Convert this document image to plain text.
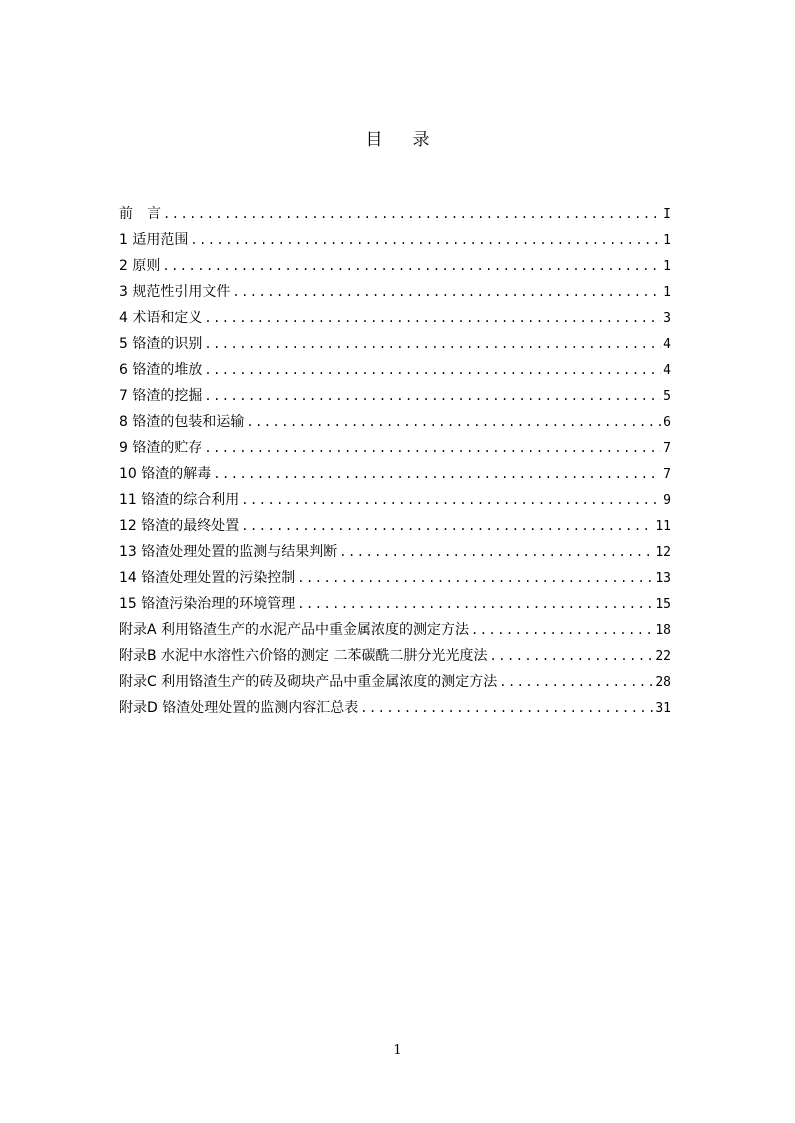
目 录
前　言 .....	I
1 适用范围 .....	1
2 原则 .....	1
3 规范性引用文件 .....	1
4 术语和定义 .....	3
5 铬渣的识别 .....	4
6 铬渣的堆放 .....	4
7 铬渣的挖掘 .....	5
8 铬渣的包装和运输 .....	6
9 铬渣的贮存 .....	7
10 铬渣的解毒 .....	7
11 铬渣的综合利用 .....	9
12 铬渣的最终处置 .....	11
13 铬渣处理处置的监测与结果判断 .....	12
14 铬渣处理处置的污染控制 .....	13
15 铬渣污染治理的环境管理 .....	15
附录A 利用铬渣生产的水泥产品中重金属浓度的测定方法 .....	18
附录B 水泥中水溶性六价铬的测定 二苯碳酰二肼分光光度法 .....	22
附录C 利用铬渣生产的砖及砌块产品中重金属浓度的测定方法 .....	28
附录D 铬渣处理处置的监测内容汇总表 .....	31
1
